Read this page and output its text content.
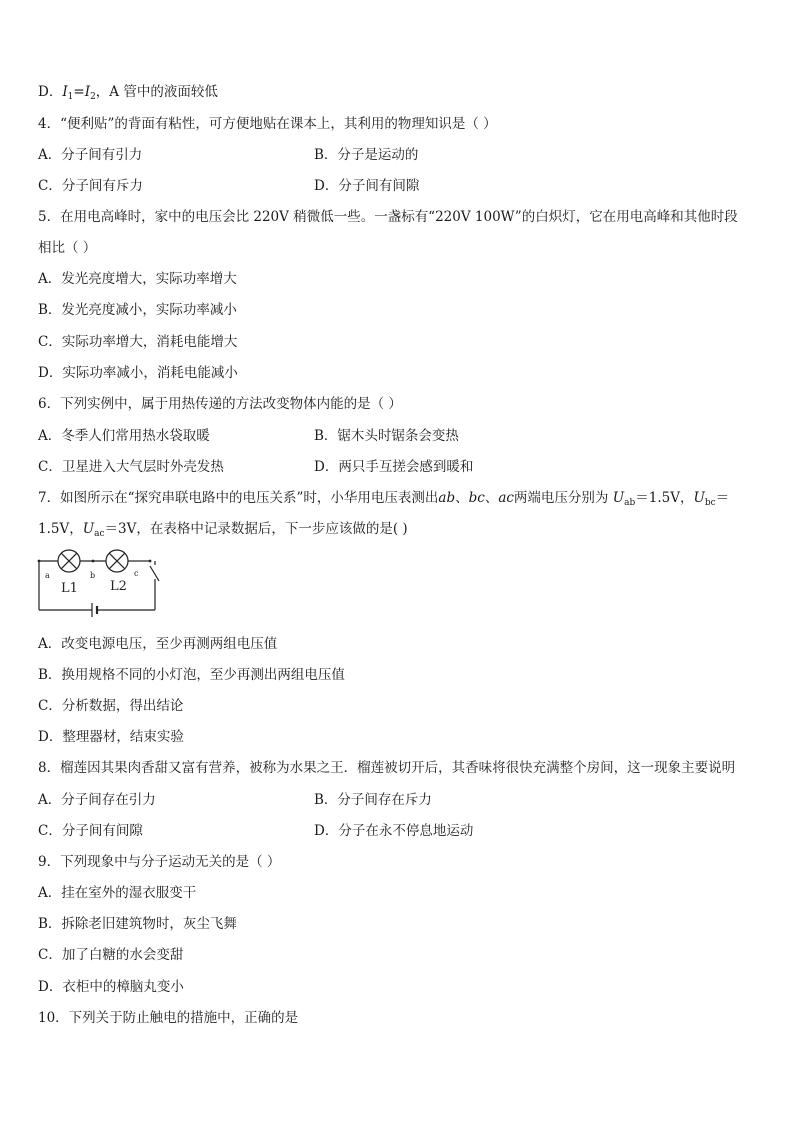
D．$I_1=I_2$，A 管中的液面较低
4．“便利贴”的背面有粘性，可方便地贴在课本上，其利用的物理知识是（ ）
A．分子间有引力	B．分子是运动的
C．分子间有斥力	D．分子间有间隙
5．在用电高峰时，家中的电压会比 220V 稍微低一些。一盏标有“220V 100W”的白炽灯，它在用电高峰和其他时段
相比（ ）
A．发光亮度增大，实际功率增大
B．发光亮度减小，实际功率减小
C．实际功率增大，消耗电能增大
D．实际功率减小，消耗电能减小
6．下列实例中，属于用热传递的方法改变物体内能的是（ ）
A．冬季人们常用热水袋取暖	B．锯木头时锯条会变热
C．卫星进入大气层时外壳发热	D．两只手互搓会感到暖和
7．如图所示在“探究串联电路中的电压关系”时，小华用电压表测出ab、bc、ac两端电压分别为 $U_{ab}=1.5V$，$U_{bc}=$
1.5V，$U_{ac}=3V$，在表格中记录数据后，下一步应该做的是( )
a	b	c
L1 L2
A．改变电源电压，至少再测两组电压值
B．换用规格不同的小灯泡，至少再测出两组电压值
C．分析数据，得出结论
D．整理器材，结束实验
8．榴莲因其果肉香甜又富有营养，被称为水果之王．榴莲被切开后，其香味将很快充满整个房间，这一现象主要说明
A．分子间存在引力	B．分子间存在斥力
C．分子间有间隙	D．分子在永不停息地运动
9．下列现象中与分子运动无关的是（ ）
A．挂在室外的湿衣服变干
B．拆除老旧建筑物时，灰尘飞舞
C．加了白糖的水会变甜
D．衣柜中的樟脑丸变小
10．下列关于防止触电的措施中，正确的是
